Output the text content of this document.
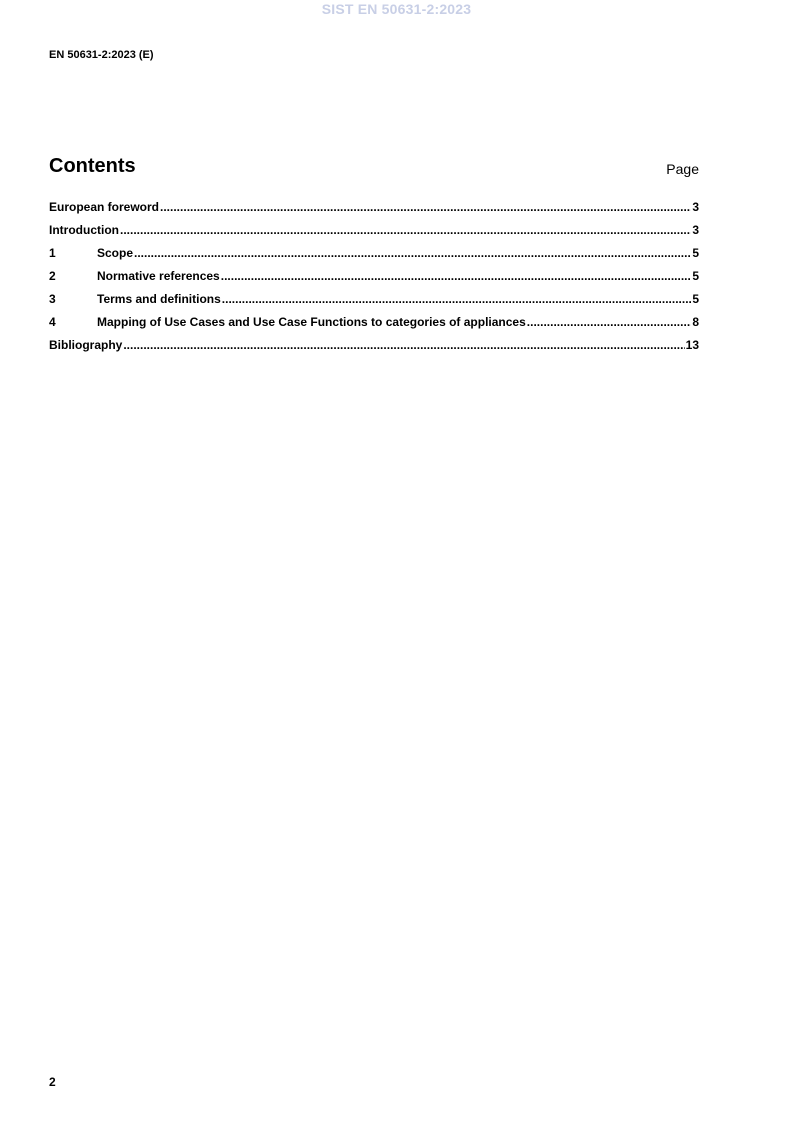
SIST EN 50631-2:2023
EN 50631-2:2023 (E)
Contents	Page
European foreword .....	3
Introduction .....	3
1	Scope .....	5
2	Normative references .....	5
3	Terms and definitions .....	5
4	Mapping of Use Cases and Use Case Functions to categories of appliances .....	8
Bibliography .....	13
2
